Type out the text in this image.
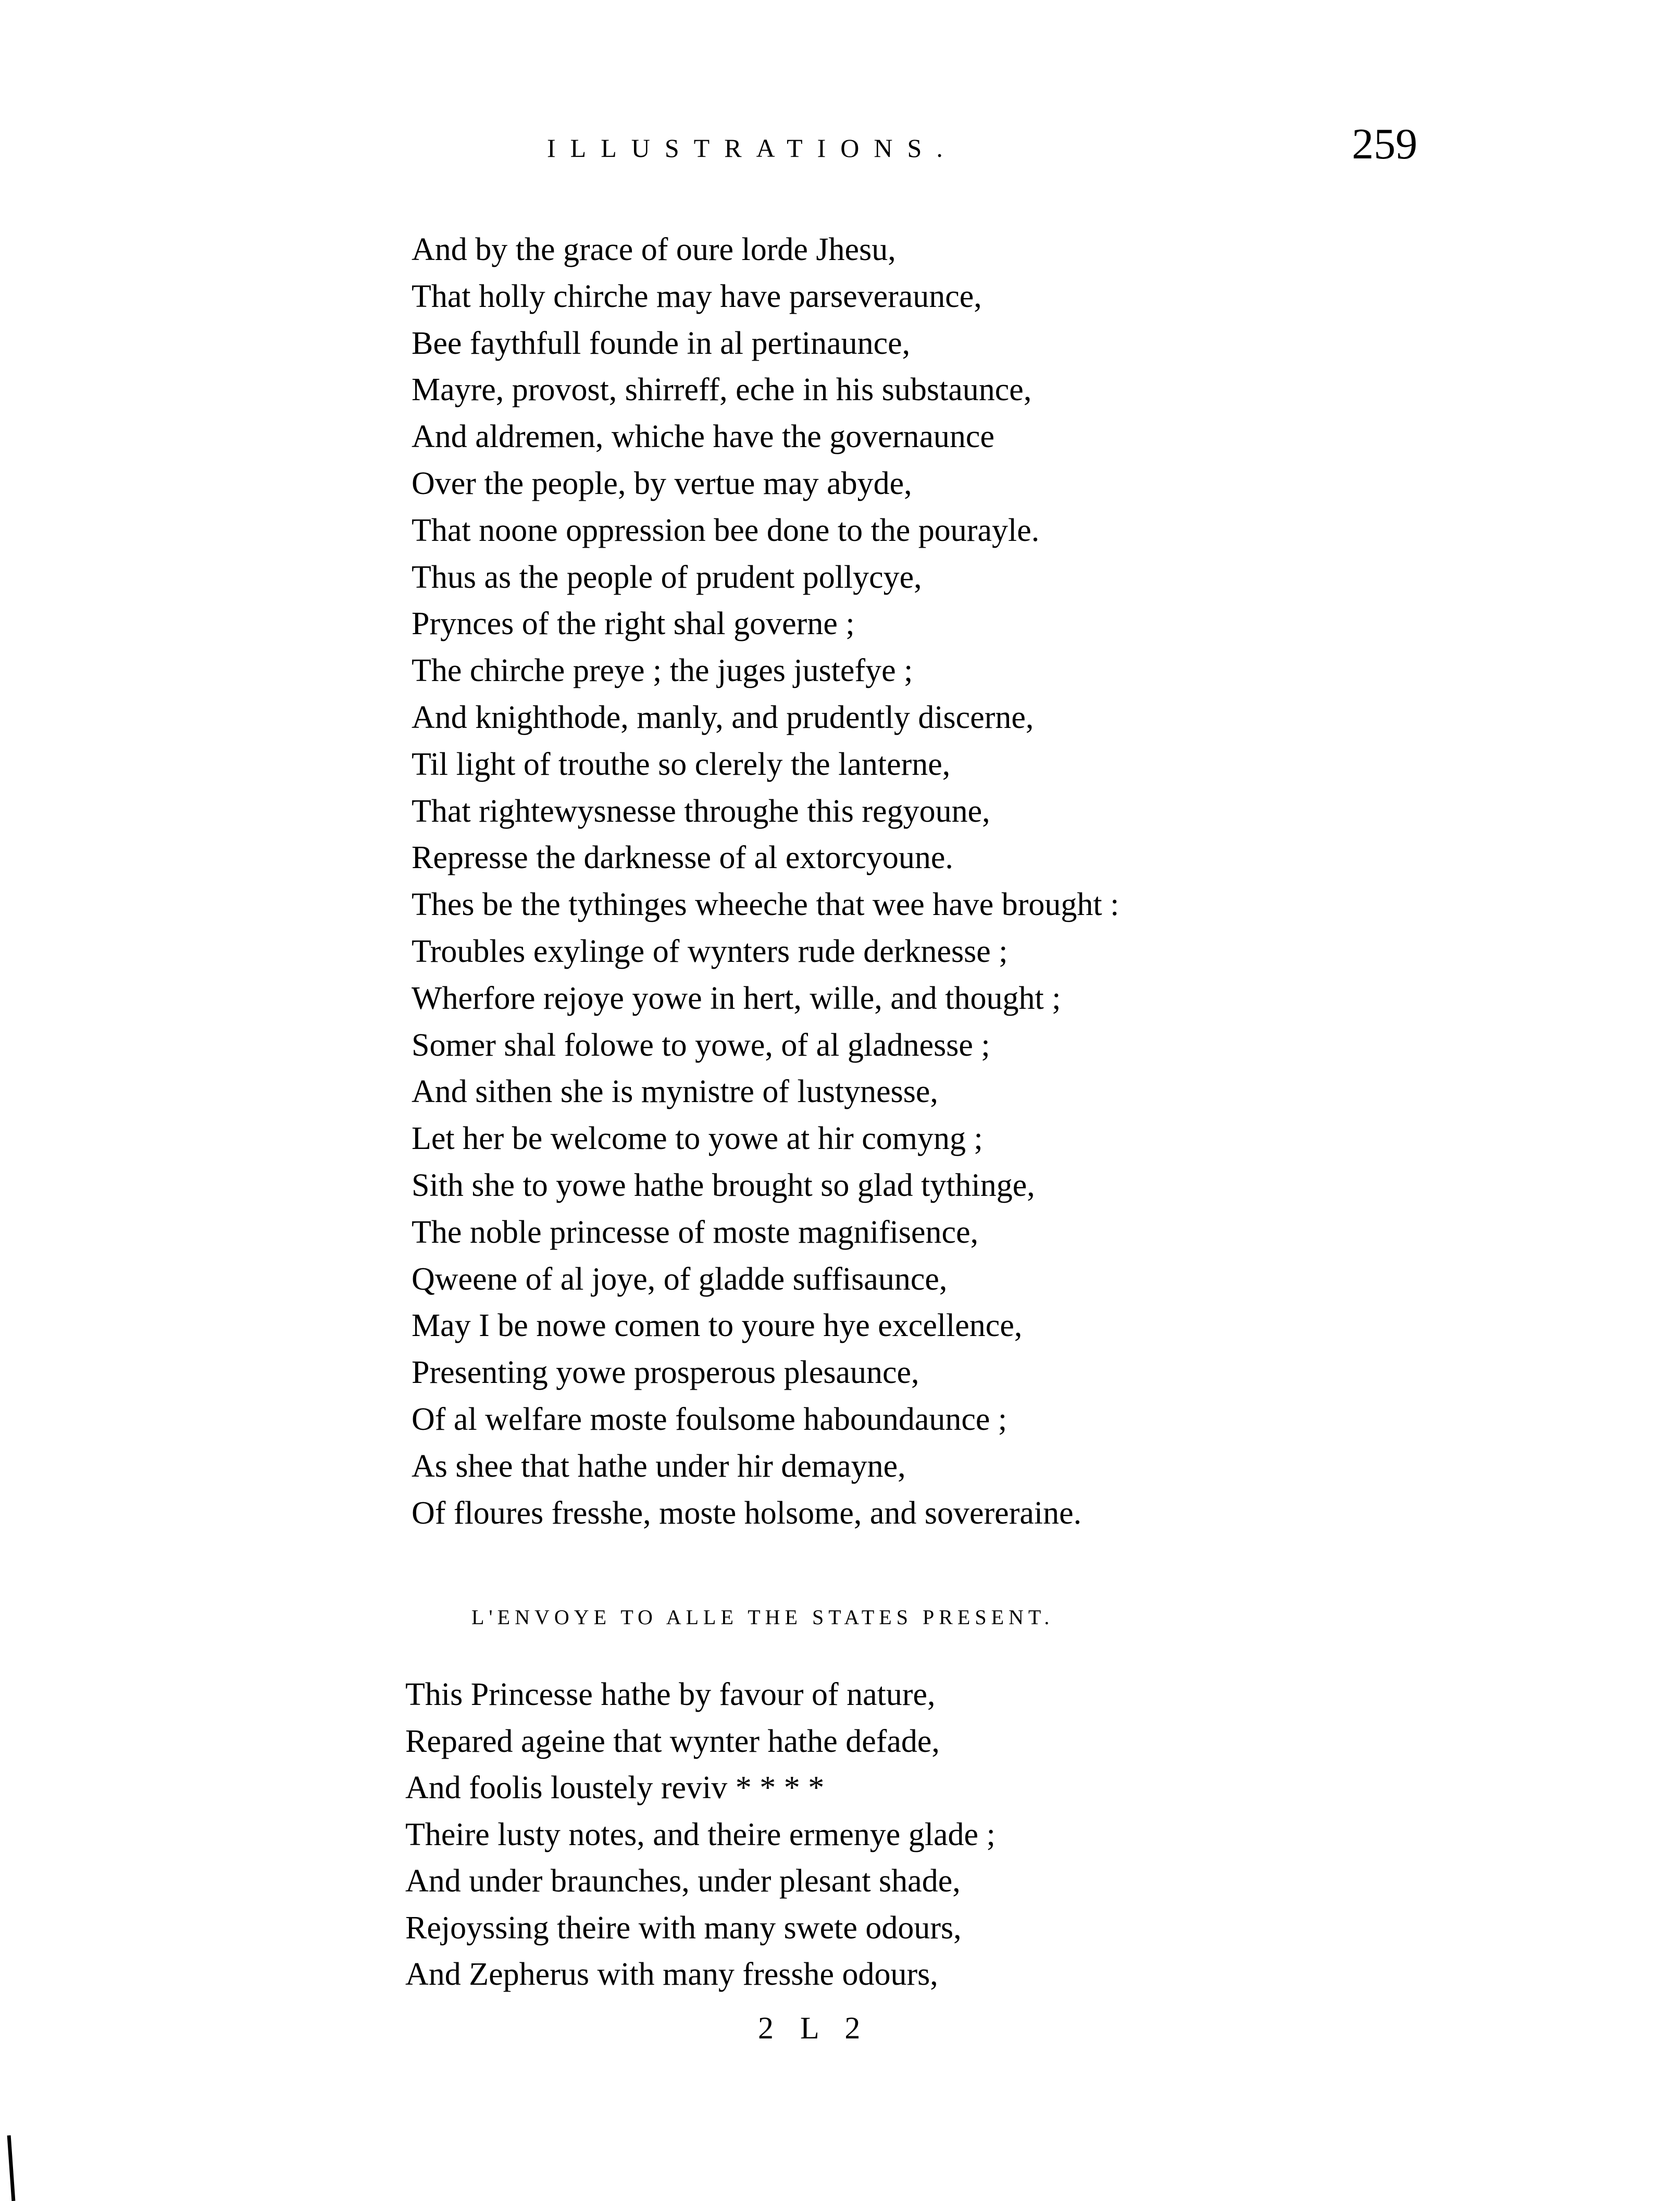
ILLUSTRATIONS.	259
And by the grace of oure lorde Jhesu,
That holly chirche may have parseveraunce,
Bee faythfull founde in al pertinaunce,
Mayre, provost, shirreff, eche in his substaunce,
And aldremen, whiche have the governaunce
Over the people, by vertue may abyde,
That noone oppression bee done to the pourayle.
Thus as the people of prudent pollycye,
Prynces of the right shal governe ;
The chirche preye ; the juges justefye ;
And knighthode, manly, and prudently discerne,
Til light of trouthe so clerely the lanterne,
That rightewysnesse throughe this regyoune,
Represse the darknesse of al extorcyoune.
Thes be the tythinges wheeche that wee have brought :
Troubles exylinge of wynters rude derknesse ;
Wherfore rejoye yowe in hert, wille, and thought ;
Somer shal folowe to yowe, of al gladnesse ;
And sithen she is mynistre of lustynesse,
Let her be welcome to yowe at hir comyng ;
Sith she to yowe hathe brought so glad tythinge,
The noble princesse of moste magnifisence,
Qweene of al joye, of gladde suffisaunce,
May I be nowe comen to youre hye excellence,
Presenting yowe prosperous plesaunce,
Of al welfare moste foulsome haboundaunce ;
As shee that hathe under hir demayne,
Of floures fresshe, moste holsome, and sovereraine.
L'ENVOYE TO ALLE THE STATES PRESENT.
This Princesse hathe by favour of nature,
Repared ageine that wynter hathe defade,
And foolis loustely reviv * * * *
Theire lusty notes, and theire ermenye glade ;
And under braunches, under plesant shade,
Rejoyssing theire with many swete odours,
And Zepherus with many fresshe odours,
2 L 2
